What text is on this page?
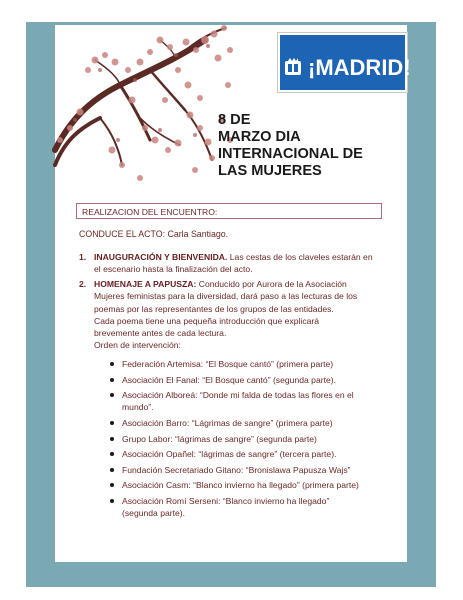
¡MADRID!
8 DE
MARZO DIA
INTERNACIONAL DE
LAS MUJERES
REALIZACION DEL ENCUENTRO:
CONDUCE EL ACTO: Carla Santiago.
1. INAUGURACIÓN Y BIENVENIDA. Las cestas de los claveles estarán en
el escenario hasta la finalización del acto.
2. HOMENAJE A PAPUSZA: Conducido por Aurora de la Asociación
Mujeres feministas para la diversidad, dará paso a las lecturas de los
poemas por las representantes de los grupos de las entidades.
Cada poema tiene una pequeña introducción que explicará
brevemente antes de cada lectura.
Orden de intervención:
Federación Artemisa: “El Bosque cantó” (primera parte)
Asociación El Fanal: “El Bosque cantó” (segunda parte).
Asociación Alboreá: “Donde mi falda de todas las flores en el
mundo”.
Asociación Barro: “Lágrimas de sangre” (primera parte)
Grupo Labor: “lágrimas de sangre” (segunda parte)
Asociación Opañel: “lágrimas de sangre” (tercera parte).
Fundación Secretariado Gitano: “Bronislawa Papusza Wajs”
Asociación Casm: “Blanco invierno ha llegado” (primera parte)
Asociación Romí Serseni: “Blanco invierno ha llegado”
(segunda parte).
